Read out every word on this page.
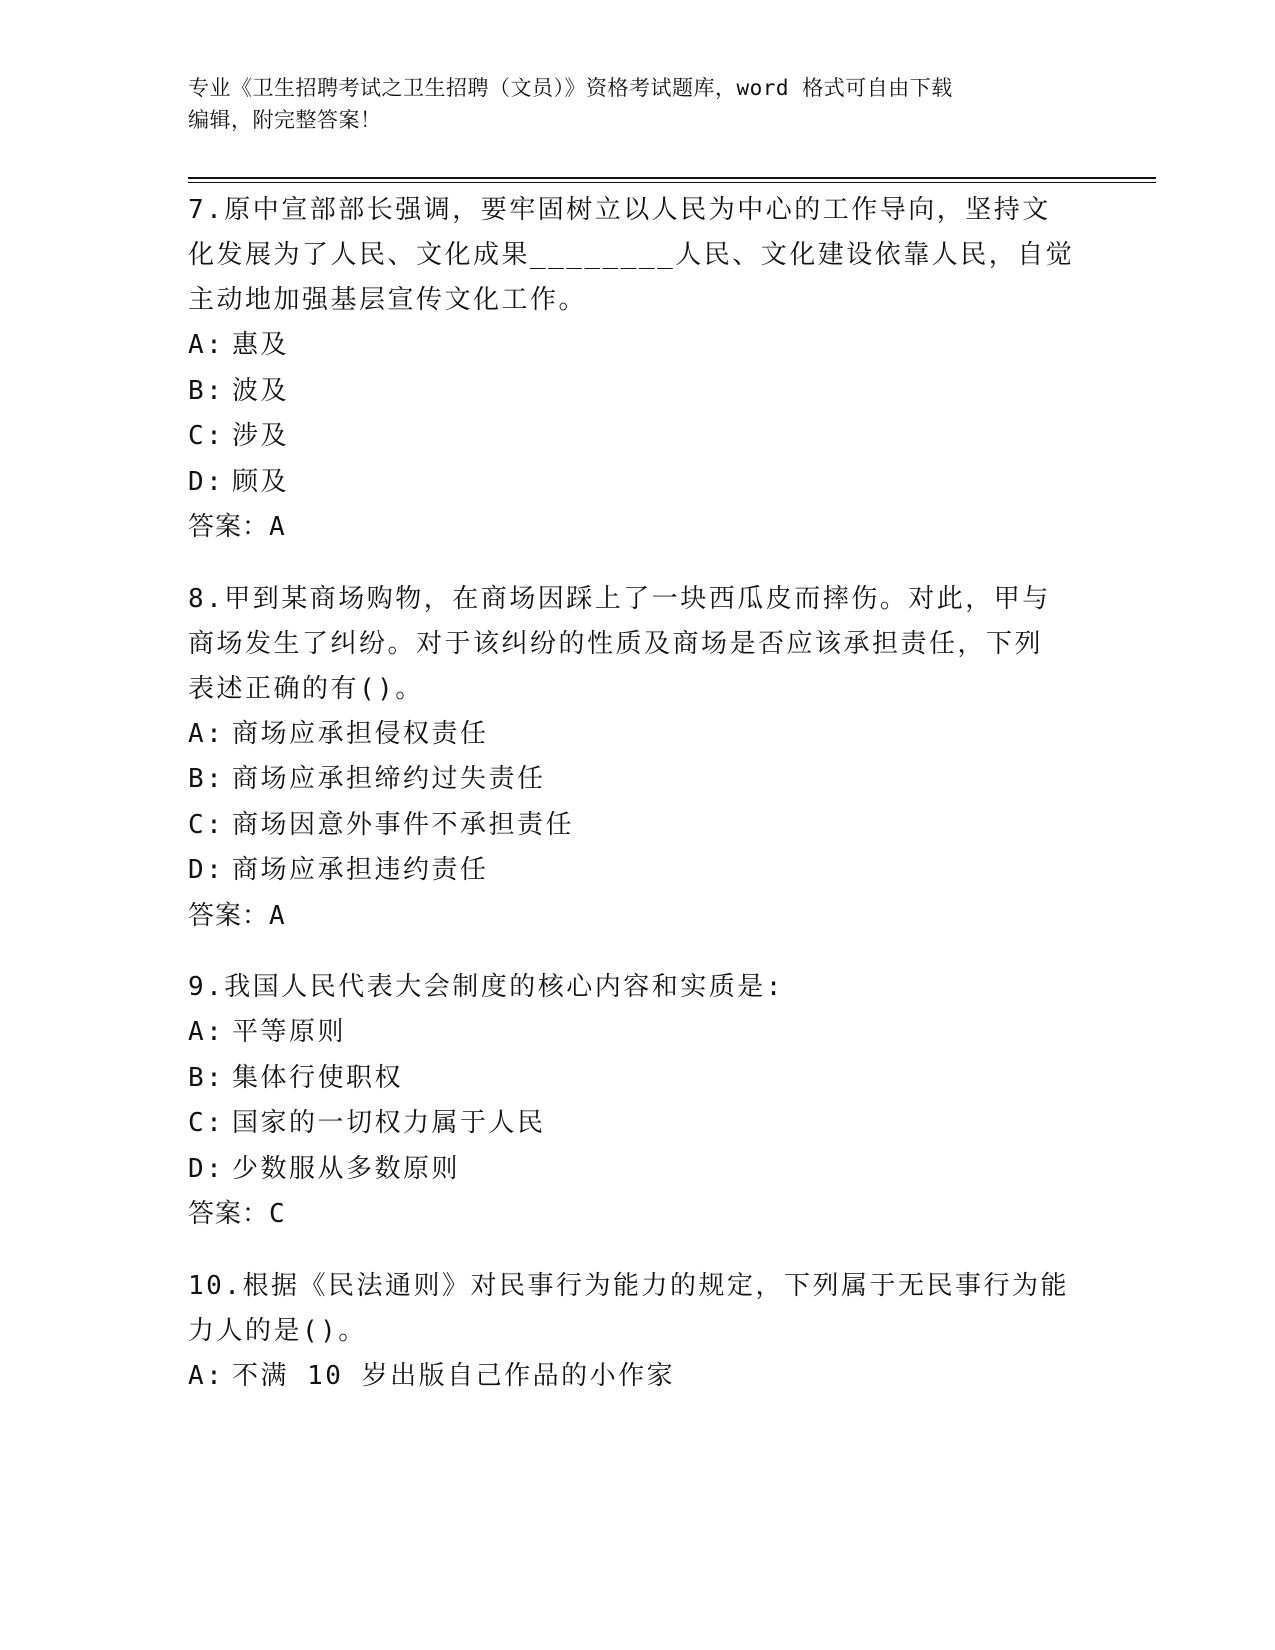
专业《卫生招聘考试之卫生招聘（文员）》资格考试题库，word 格式可自由下载
编辑，附完整答案！
7.原中宣部部长强调，要牢固树立以人民为中心的工作导向，坚持文
化发展为了人民、文化成果________人民、文化建设依靠人民，自觉
主动地加强基层宣传文化工作。
A: 惠及
B: 波及
C: 涉及
D: 顾及
答案：A
8.甲到某商场购物，在商场因踩上了一块西瓜皮而摔伤。对此，甲与
商场发生了纠纷。对于该纠纷的性质及商场是否应该承担责任，下列
表述正确的有()。
A: 商场应承担侵权责任
B: 商场应承担缔约过失责任
C: 商场因意外事件不承担责任
D: 商场应承担违约责任
答案：A
9.我国人民代表大会制度的核心内容和实质是:
A: 平等原则
B: 集体行使职权
C: 国家的一切权力属于人民
D: 少数服从多数原则
答案：C
10.根据《民法通则》对民事行为能力的规定，下列属于无民事行为能
力人的是()。
A: 不满 10 岁出版自己作品的小作家
